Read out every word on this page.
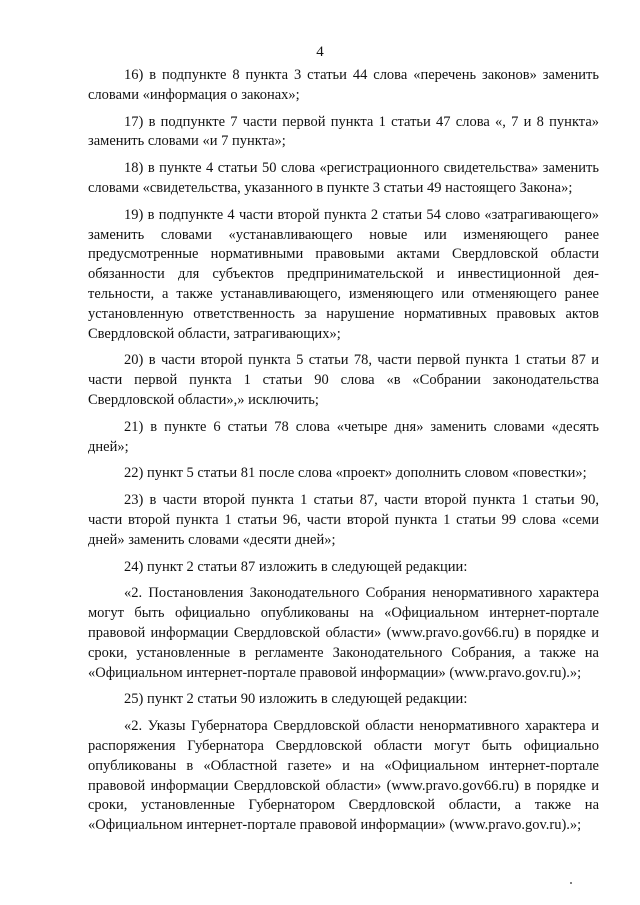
4

16) в подпункте 8 пункта 3 статьи 44 слова «перечень законов» заменить словами «информация о законах»;

17) в подпункте 7 части первой пункта 1 статьи 47 слова «, 7 и 8 пункта» заменить словами «и 7 пункта»;

18) в пункте 4 статьи 50 слова «регистрационного свидетельства» заменить словами «свидетельства, указанного в пункте 3 статьи 49 настоящего Закона»;

19) в подпункте 4 части второй пункта 2 статьи 54 слово «затрагивающего» заменить словами «устанавливающего новые или изменяющего ранее предусмотренные нормативными правовыми актами Свердловской области обязанности для субъектов предпринимательской и инвестиционной деятельности, а также устанавливающего, изменяющего или отменяющего ранее установленную ответственность за нарушение нормативных правовых актов Свердловской области, затрагивающих»;

20) в части второй пункта 5 статьи 78, части первой пункта 1 статьи 87 и части первой пункта 1 статьи 90 слова «в «Собрании законодательства Свердловской области»,» исключить;

21) в пункте 6 статьи 78 слова «четыре дня» заменить словами «десять дней»;

22) пункт 5 статьи 81 после слова «проект» дополнить словом «повестки»;

23) в части второй пункта 1 статьи 87, части второй пункта 1 статьи 90, части второй пункта 1 статьи 96, части второй пункта 1 статьи 99 слова «семи дней» заменить словами «десяти дней»;

24) пункт 2 статьи 87 изложить в следующей редакции:

«2. Постановления Законодательного Собрания ненормативного характера могут быть официально опубликованы на «Официальном интернет-портале правовой информации Свердловской области» (www.pravo.gov66.ru) в порядке и сроки, установленные в регламенте Законодательного Собрания, а также на «Официальном интернет-портале правовой информации» (www.pravo.gov.ru).»;

25) пункт 2 статьи 90 изложить в следующей редакции:

«2. Указы Губернатора Свердловской области ненормативного характера и распоряжения Губернатора Свердловской области могут быть официально опубликованы в «Областной газете» и на «Официальном интернет-портале правовой информации Свердловской области» (www.pravo.gov66.ru) в порядке и сроки, установленные Губернатором Свердловской области, а также на «Официальном интернет-портале правовой информации» (www.pravo.gov.ru).»;
